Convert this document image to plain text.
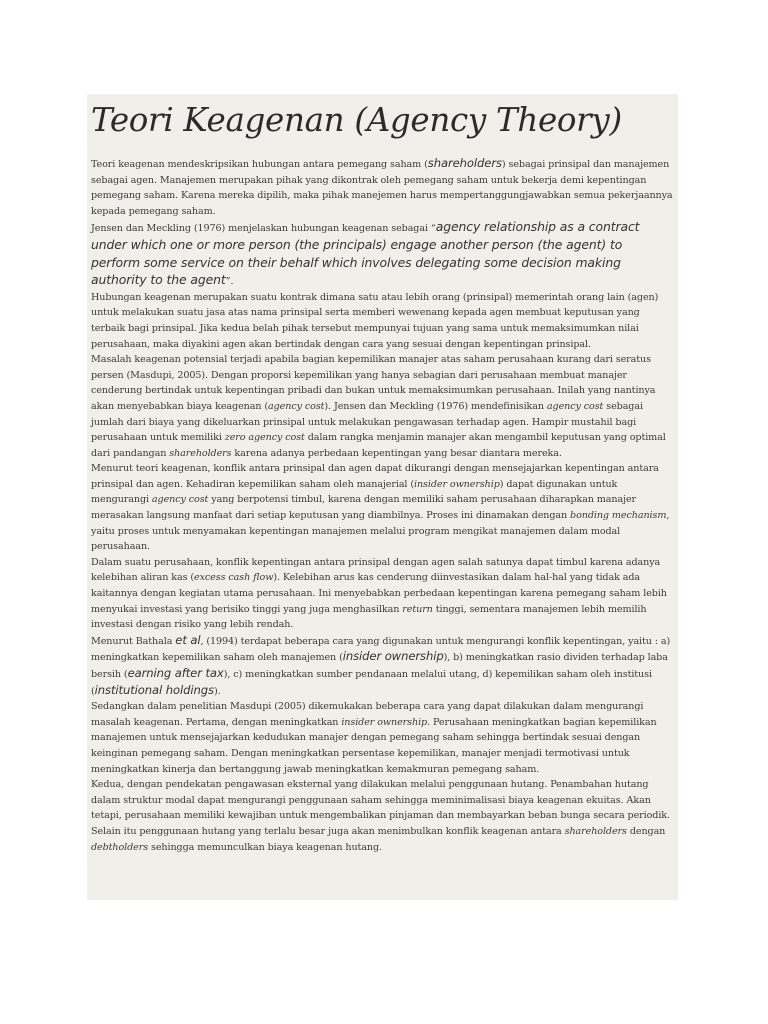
Teori Keagenan (Agency Theory)

Teori keagenan mendeskripsikan hubungan antara pemegang saham (shareholders) sebagai prinsipal dan manajemen sebagai agen. Manajemen merupakan pihak yang dikontrak oleh pemegang saham untuk bekerja demi kepentingan pemegang saham. Karena mereka dipilih, maka pihak manejemen harus mempertanggungjawabkan semua pekerjaannya kepada pemegang saham.

Jensen dan Meckling (1976) menjelaskan hubungan keagenan sebagai “agency relationship as a contract under which one or more person (the principals) engage another person (the agent) to perform some service on their behalf which involves delegating some decision making authority to the agent”.

Hubungan keagenan merupakan suatu kontrak dimana satu atau lebih orang (prinsipal) memerintah orang lain (agen) untuk melakukan suatu jasa atas nama prinsipal serta memberi wewenang kepada agen membuat keputusan yang terbaik bagi prinsipal. Jika kedua belah pihak tersebut mempunyai tujuan yang sama untuk memaksimumkan nilai perusahaan, maka diyakini agen akan bertindak dengan cara yang sesuai dengan kepentingan prinsipal.

Masalah keagenan potensial terjadi apabila bagian kepemilikan manajer atas saham perusahaan kurang dari seratus persen (Masdupi, 2005). Dengan proporsi kepemilikan yang hanya sebagian dari perusahaan membuat manajer cenderung bertindak untuk kepentingan pribadi dan bukan untuk memaksimumkan perusahaan. Inilah yang nantinya akan menyebabkan biaya keagenan (agency cost). Jensen dan Meckling (1976) mendefinisikan agency cost sebagai jumlah dari biaya yang dikeluarkan prinsipal untuk melakukan pengawasan terhadap agen. Hampir mustahil bagi perusahaan untuk memiliki zero agency cost dalam rangka menjamin manajer akan mengambil keputusan yang optimal dari pandangan shareholders karena adanya perbedaan kepentingan yang besar diantara mereka.

Menurut teori keagenan, konflik antara prinsipal dan agen dapat dikurangi dengan mensejajarkan kepentingan antara prinsipal dan agen. Kehadiran kepemilikan saham oleh manajerial (insider ownership) dapat digunakan untuk mengurangi agency cost yang berpotensi timbul, karena dengan memiliki saham perusahaan diharapkan manajer merasakan langsung manfaat dari setiap keputusan yang diambilnya. Proses ini dinamakan dengan bonding mechanism, yaitu proses untuk menyamakan kepentingan manajemen melalui program mengikat manajemen dalam modal perusahaan.

Dalam suatu perusahaan, konflik kepentingan antara prinsipal dengan agen salah satunya dapat timbul karena adanya kelebihan aliran kas (excess cash flow). Kelebihan arus kas cenderung diinvestasikan dalam hal-hal yang tidak ada kaitannya dengan kegiatan utama perusahaan. Ini menyebabkan perbedaan kepentingan karena pemegang saham lebih menyukai investasi yang berisiko tinggi yang juga menghasilkan return tinggi, sementara manajemen lebih memilih investasi dengan risiko yang lebih rendah.

Menurut Bathala et al, (1994) terdapat beberapa cara yang digunakan untuk mengurangi konflik kepentingan, yaitu : a) meningkatkan kepemilikan saham oleh manajemen (insider ownership), b) meningkatkan rasio dividen terhadap laba bersih (earning after tax), c) meningkatkan sumber pendanaan melalui utang, d) kepemilikan saham oleh institusi (institutional holdings).

Sedangkan dalam penelitian Masdupi (2005) dikemukakan beberapa cara yang dapat dilakukan dalam mengurangi masalah keagenan. Pertama, dengan meningkatkan insider ownership. Perusahaan meningkatkan bagian kepemilikan manajemen untuk mensejajarkan kedudukan manajer dengan pemegang saham sehingga bertindak sesuai dengan keinginan pemegang saham. Dengan meningkatkan persentase kepemilikan, manajer menjadi termotivasi untuk meningkatkan kinerja dan bertanggung jawab meningkatkan kemakmuran pemegang saham.

Kedua, dengan pendekatan pengawasan eksternal yang dilakukan melalui penggunaan hutang. Penambahan hutang dalam struktur modal dapat mengurangi penggunaan saham sehingga meminimalisasi biaya keagenan ekuitas. Akan tetapi, perusahaan memiliki kewajiban untuk mengembalikan pinjaman dan membayarkan beban bunga secara periodik. Selain itu penggunaan hutang yang terlalu besar juga akan menimbulkan konflik keagenan antara shareholders dengan debtholders sehingga memunculkan biaya keagenan hutang.
